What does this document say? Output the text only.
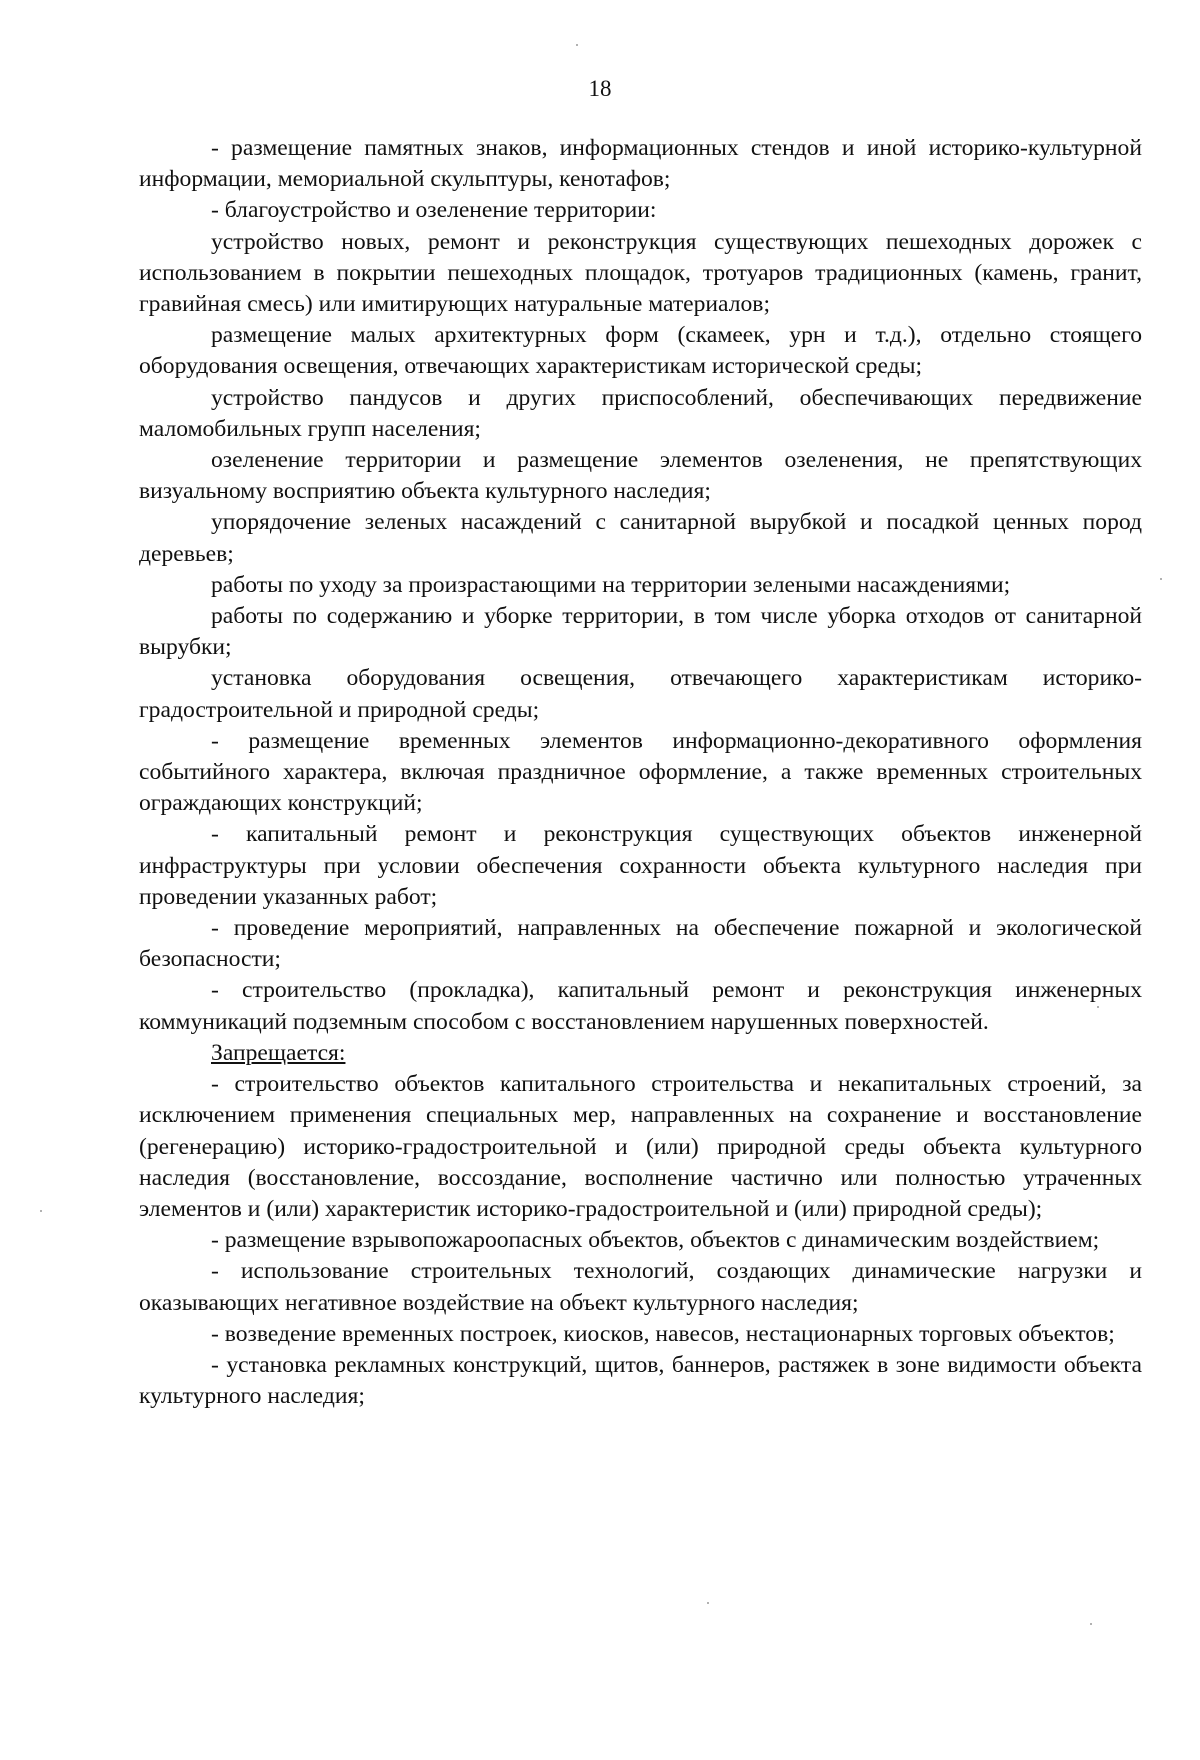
18

- размещение памятных знаков, информационных стендов и иной историко-культурной информации, мемориальной скульптуры, кенотафов;

- благоустройство и озеленение территории:

устройство новых, ремонт и реконструкция существующих пешеходных дорожек с использованием в покрытии пешеходных площадок, тротуаров традиционных (камень, гранит, гравийная смесь) или имитирующих натуральные материалов;

размещение малых архитектурных форм (скамеек, урн и т.д.), отдельно стоящего оборудования освещения, отвечающих характеристикам исторической среды;

устройство пандусов и других приспособлений, обеспечивающих передвижение маломобильных групп населения;

озеленение территории и размещение элементов озеленения, не препятствующих визуальному восприятию объекта культурного наследия;

упорядочение зеленых насаждений с санитарной вырубкой и посадкой ценных пород деревьев;

работы по уходу за произрастающими на территории зелеными насаждениями;

работы по содержанию и уборке территории, в том числе уборка отходов от санитарной вырубки;

установка оборудования освещения, отвечающего характеристикам историко-градостроительной и природной среды;

- размещение временных элементов информационно-декоративного оформления событийного характера, включая праздничное оформление, а также временных строительных ограждающих конструкций;

- капитальный ремонт и реконструкция существующих объектов инженерной инфраструктуры при условии обеспечения сохранности объекта культурного наследия при проведении указанных работ;

- проведение мероприятий, направленных на обеспечение пожарной и экологической безопасности;

- строительство (прокладка), капитальный ремонт и реконструкция инженерных коммуникаций подземным способом с восстановлением нарушенных поверхностей.

Запрещается:

- строительство объектов капитального строительства и некапитальных строений, за исключением применения специальных мер, направленных на сохранение и восстановление (регенерацию) историко-градостроительной и (или) природной среды объекта культурного наследия (восстановление, воссоздание, восполнение частично или полностью утраченных элементов и (или) характеристик историко-градостроительной и (или) природной среды);

- размещение взрывопожароопасных объектов, объектов с динамическим воздействием;

- использование строительных технологий, создающих динамические нагрузки и оказывающих негативное воздействие на объект культурного наследия;

- возведение временных построек, киосков, навесов, нестационарных торговых объектов;

- установка рекламных конструкций, щитов, баннеров, растяжек в зоне видимости объекта культурного наследия;
